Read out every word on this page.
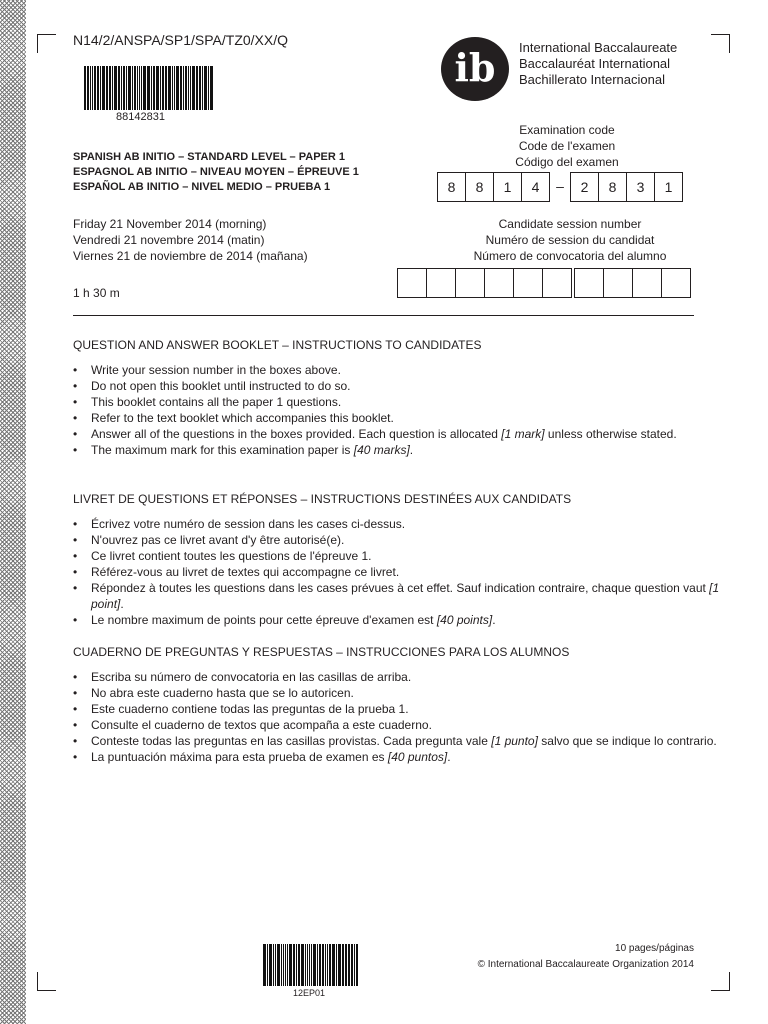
N14/2/ANSPA/SP1/SPA/TZ0/XX/Q
88142831
ib International Baccalaureate
Baccalauréat International
Bachillerato Internacional
SPANISH AB INITIO – STANDARD LEVEL – PAPER 1
ESPAGNOL AB INITIO – NIVEAU MOYEN – ÉPREUVE 1
ESPAÑOL AB INITIO – NIVEL MEDIO – PRUEBA 1
Examination code
Code de l'examen
Código del examen
8	8	1	4	–	2	8	3	1
Friday 21 November 2014 (morning)
Vendredi 21 novembre 2014 (matin)
Viernes 21 de noviembre de 2014 (mañana)
Candidate session number
Numéro de session du candidat
Número de convocatoria del alumno
1 h 30 m
QUESTION AND ANSWER BOOKLET – INSTRUCTIONS TO CANDIDATES
• Write your session number in the boxes above.
• Do not open this booklet until instructed to do so.
• This booklet contains all the paper 1 questions.
• Refer to the text booklet which accompanies this booklet.
• Answer all of the questions in the boxes provided. Each question is allocated [1 mark] unless otherwise stated.
• The maximum mark for this examination paper is [40 marks].
LIVRET DE QUESTIONS ET RÉPONSES – INSTRUCTIONS DESTINÉES AUX CANDIDATS
• Écrivez votre numéro de session dans les cases ci-dessus.
• N'ouvrez pas ce livret avant d'y être autorisé(e).
• Ce livret contient toutes les questions de l'épreuve 1.
• Référez-vous au livret de textes qui accompagne ce livret.
• Répondez à toutes les questions dans les cases prévues à cet effet. Sauf indication contraire, chaque question vaut [1 point].
• Le nombre maximum de points pour cette épreuve d'examen est [40 points].
CUADERNO DE PREGUNTAS Y RESPUESTAS – INSTRUCCIONES PARA LOS ALUMNOS
• Escriba su número de convocatoria en las casillas de arriba.
• No abra este cuaderno hasta que se lo autoricen.
• Este cuaderno contiene todas las preguntas de la prueba 1.
• Consulte el cuaderno de textos que acompaña a este cuaderno.
• Conteste todas las preguntas en las casillas provistas. Cada pregunta vale [1 punto] salvo que se indique lo contrario.
• La puntuación máxima para esta prueba de examen es [40 puntos].
12EP01
10 pages/páginas
© International Baccalaureate Organization 2014
